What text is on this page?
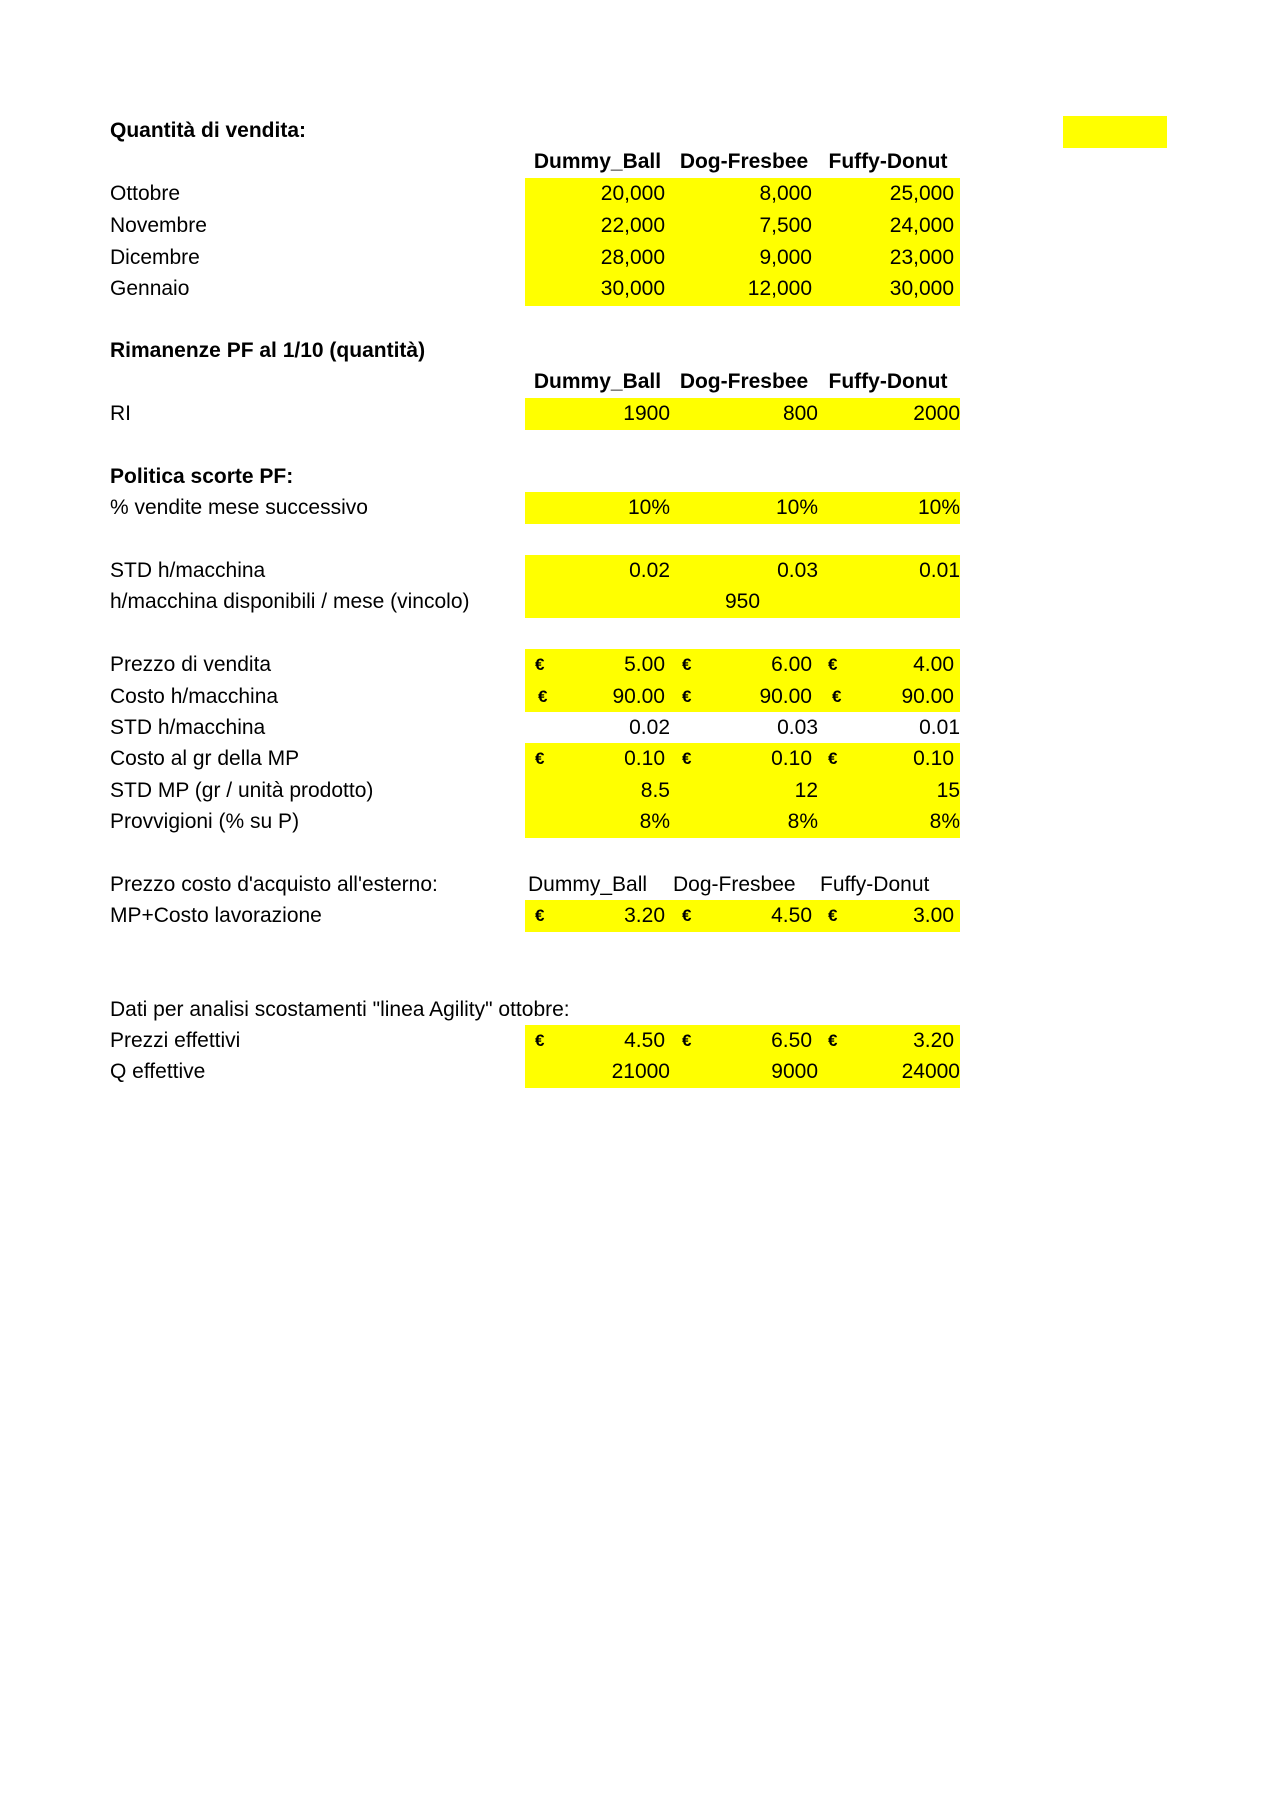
Quantità di vendita:
Dummy_Ball Dog-Fresbee Fuffy-Donut
Ottobre	20,000	8,000	25,000
Novembre	22,000	7,500	24,000
Dicembre	28,000	9,000	23,000
Gennaio	30,000	12,000	30,000
Rimanenze PF al 1/10 (quantità)
Dummy_Ball Dog-Fresbee Fuffy-Donut
RI	1900	800	2000
Politica scorte PF:
% vendite mese successivo	10%	10%	10%
STD h/macchina	0.02	0.03	0.01
h/macchina disponibili / mese (vincolo)	950
Prezzo di vendita	€	5.00 €	6.00 €	4.00
Costo h/macchina	€	90.00 €	90.00 €	90.00
STD h/macchina	0.02	0.03	0.01
Costo al gr della MP	€	0.10 €	0.10 €	0.10
STD MP (gr / unità prodotto)	8.5	12	15
Provvigioni (% su P)	8%	8%	8%
Prezzo costo d'acquisto all'esterno:	Dummy_Ball Dog-Fresbee Fuffy-Donut
MP+Costo lavorazione	€	3.20 €	4.50 €	3.00
Dati per analisi scostamenti "linea Agility" ottobre:
Prezzi effettivi	€	4.50 €	6.50 €	3.20
Q effettive	21000	9000	24000
